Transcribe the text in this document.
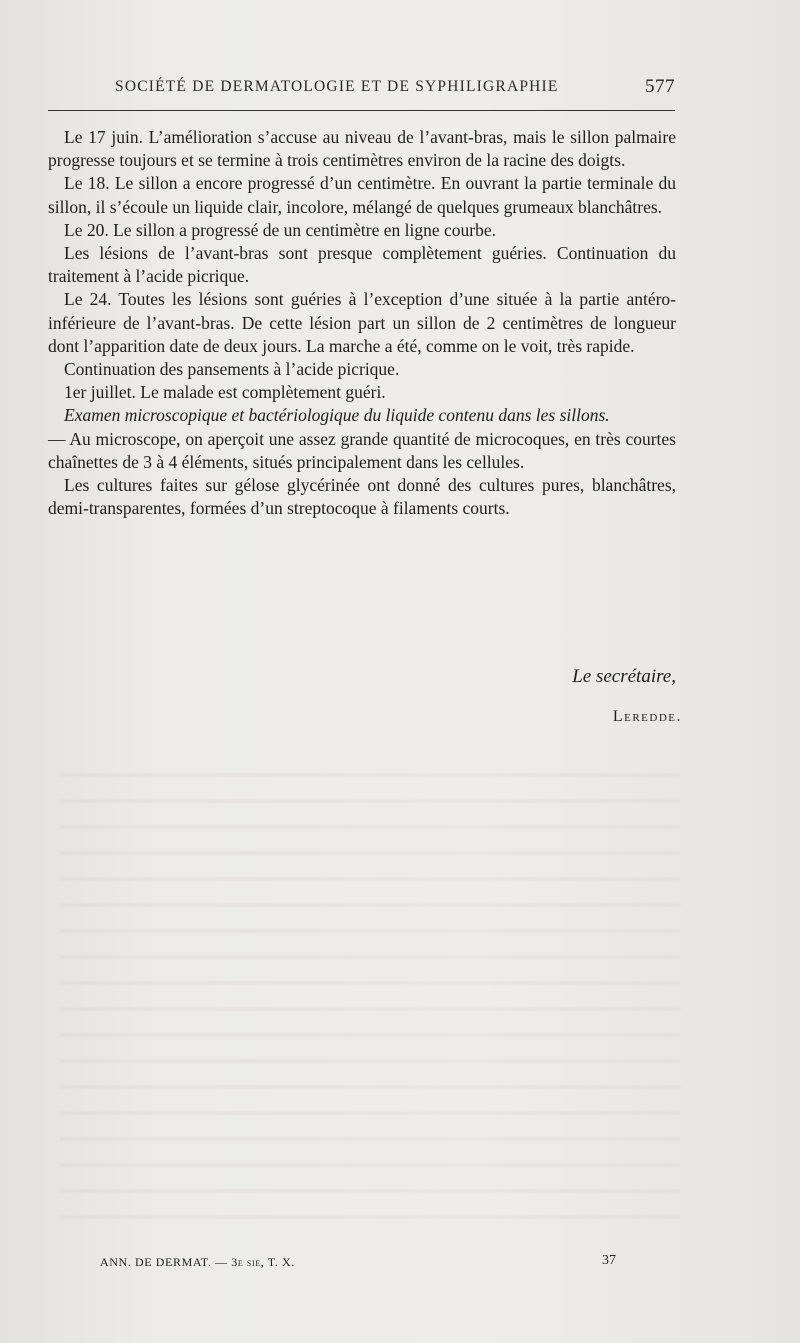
SOCIÉTÉ DE DERMATOLOGIE ET DE SYPHILIGRAPHIE	577

Le 17 juin. L’amélioration s’accuse au niveau de l’avant-bras, mais le sillon palmaire progresse toujours et se termine à trois centimètres environ de la racine des doigts.

Le 18. Le sillon a encore progressé d’un centimètre. En ouvrant la partie terminale du sillon, il s’écoule un liquide clair, incolore, mélangé de quelques grumeaux blanchâtres.

Le 20. Le sillon a progressé de un centimètre en ligne courbe.

Les lésions de l’avant-bras sont presque complètement guéries. Continuation du traitement à l’acide picrique.

Le 24. Toutes les lésions sont guéries à l’exception d’une située à la partie antéro-inférieure de l’avant-bras. De cette lésion part un sillon de 2 centimètres de longueur dont l’apparition date de deux jours. La marche a été, comme on le voit, très rapide.

Continuation des pansements à l’acide picrique.

1er juillet. Le malade est complètement guéri.

Examen microscopique et bactériologique du liquide contenu dans les sillons.

— Au microscope, on aperçoit une assez grande quantité de microcoques, en très courtes chaînettes de 3 à 4 éléments, situés principalement dans les cellules.

Les cultures faites sur gélose glycérinée ont donné des cultures pures, blanchâtres, demi-transparentes, formées d’un streptocoque à filaments courts.

Le secrétaire,
Leredde.
ANN. DE DERMAT. — 3e sie, T. X.	37
